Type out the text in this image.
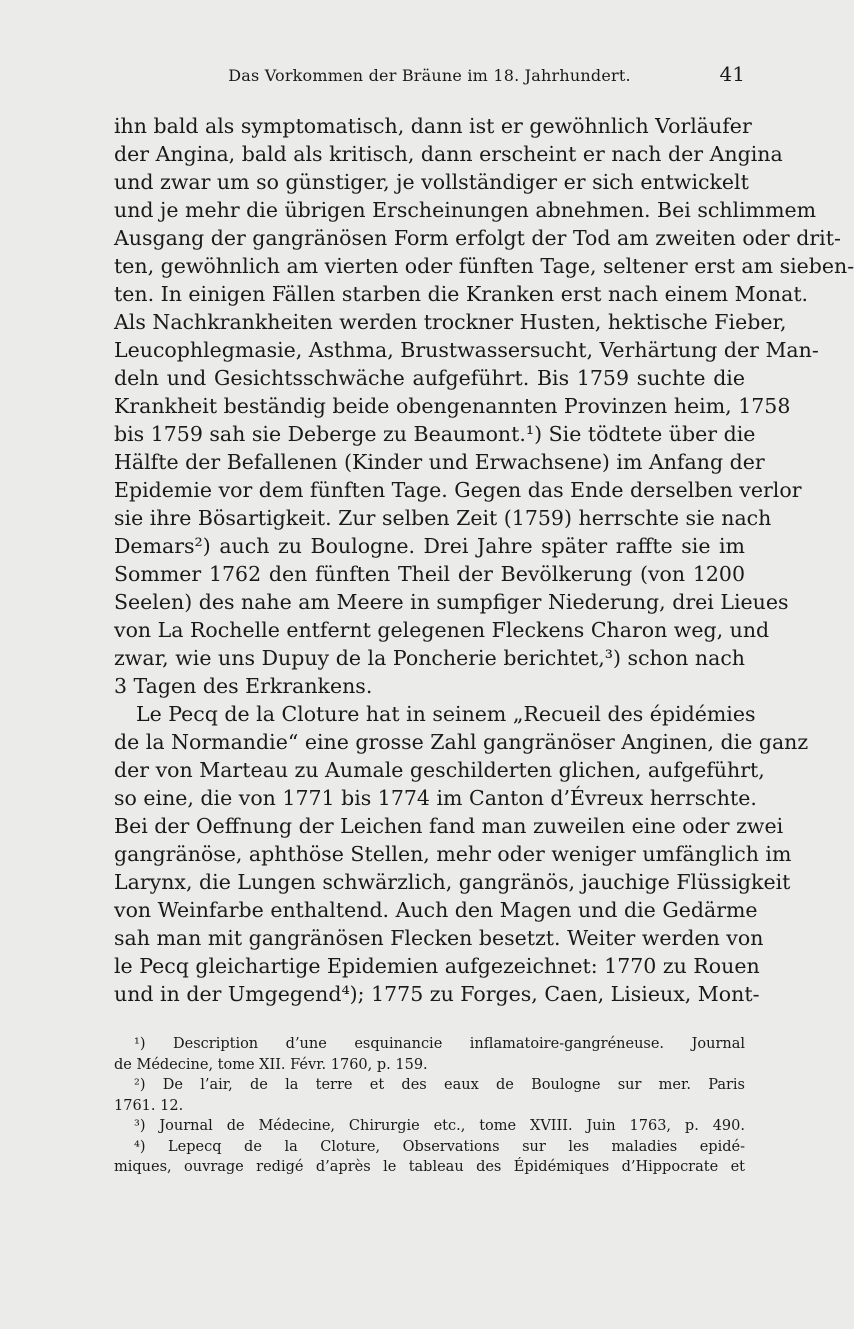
Das Vorkommen der Bräune im 18. Jahrhundert.	41
ihn bald als symptomatisch, dann ist er gewöhnlich Vorläufer
der Angina, bald als kritisch, dann erscheint er nach der Angina
und zwar um so günstiger, je vollständiger er sich entwickelt
und je mehr die übrigen Erscheinungen abnehmen. Bei schlimmem
Ausgang der gangränösen Form erfolgt der Tod am zweiten oder drit-
ten, gewöhnlich am vierten oder fünften Tage, seltener erst am sieben-
ten. In einigen Fällen starben die Kranken erst nach einem Monat.
Als Nachkrankheiten werden trockner Husten, hektische Fieber,
Leucophlegmasie, Asthma, Brustwassersucht, Verhärtung der Man-
deln und Gesichtsschwäche aufgeführt. Bis 1759 suchte die
Krankheit beständig beide obengenannten Provinzen heim, 1758
bis 1759 sah sie Deberge zu Beaumont.¹) Sie tödtete über die
Hälfte der Befallenen (Kinder und Erwachsene) im Anfang der
Epidemie vor dem fünften Tage. Gegen das Ende derselben verlor
sie ihre Bösartigkeit. Zur selben Zeit (1759) herrschte sie nach
Demars²) auch zu Boulogne. Drei Jahre später raffte sie im
Sommer 1762 den fünften Theil der Bevölkerung (von 1200
Seelen) des nahe am Meere in sumpfiger Niederung, drei Lieues
von La Rochelle entfernt gelegenen Fleckens Charon weg, und
zwar, wie uns Dupuy de la Poncherie berichtet,³) schon nach
3 Tagen des Erkrankens.
Le Pecq de la Cloture hat in seinem „Recueil des épidémies
de la Normandie“ eine grosse Zahl gangränöser Anginen, die ganz
der von Marteau zu Aumale geschilderten glichen, aufgeführt,
so eine, die von 1771 bis 1774 im Canton d’Évreux herrschte.
Bei der Oeffnung der Leichen fand man zuweilen eine oder zwei
gangränöse, aphthöse Stellen, mehr oder weniger umfänglich im
Larynx, die Lungen schwärzlich, gangränös, jauchige Flüssigkeit
von Weinfarbe enthaltend. Auch den Magen und die Gedärme
sah man mit gangränösen Flecken besetzt. Weiter werden von
le Pecq gleichartige Epidemien aufgezeichnet: 1770 zu Rouen
und in der Umgegend⁴); 1775 zu Forges, Caen, Lisieux, Mont-
¹) Description d’une esquinancie inflamatoire-gangréneuse. Journal
de Médecine, tome XII. Févr. 1760, p. 159.
²) De l’air, de la terre et des eaux de Boulogne sur mer. Paris
1761. 12.
³) Journal de Médecine, Chirurgie etc., tome XVIII. Juin 1763, p. 490.
⁴) Lepecq de la Cloture, Observations sur les maladies epidé-
miques, ouvrage redigé d’après le tableau des Épidémiques d’Hippocrate et
